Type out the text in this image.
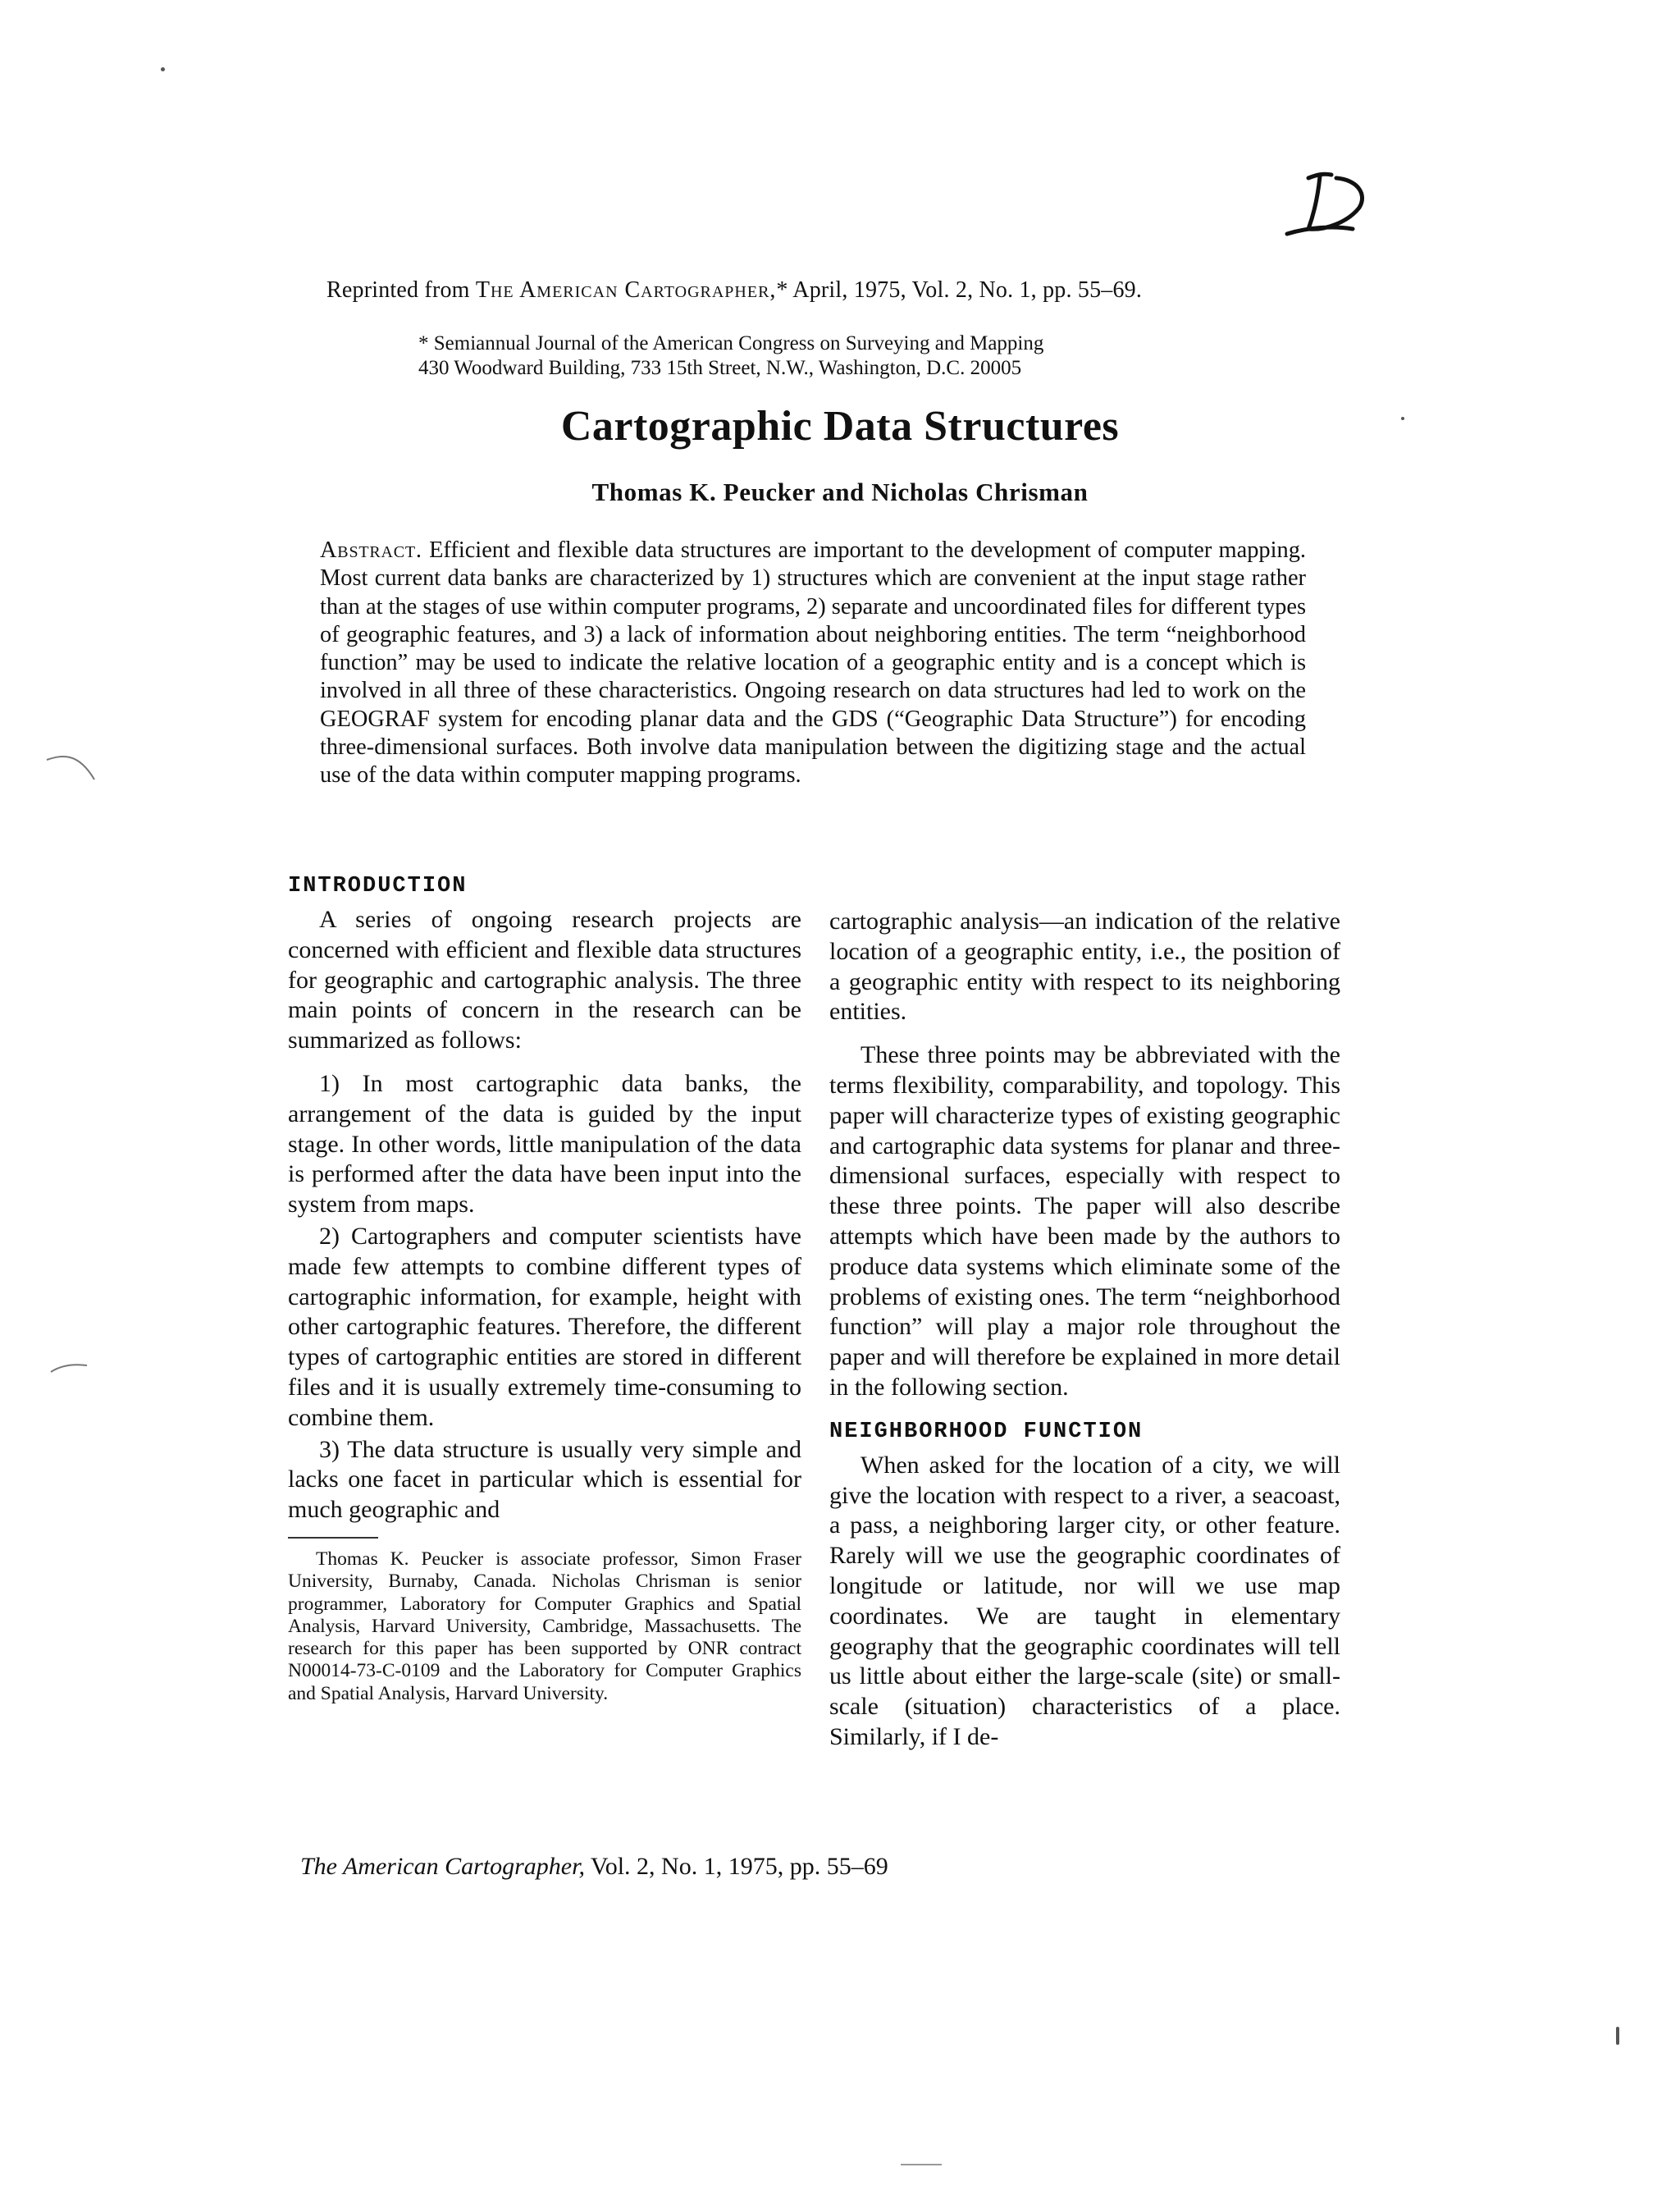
Reprinted from The American Cartographer,* April, 1975, Vol. 2, No. 1, pp. 55–69.
* Semiannual Journal of the American Congress on Surveying and Mapping
430 Woodward Building, 733 15th Street, N.W., Washington, D.C. 20005
Cartographic Data Structures
Thomas K. Peucker and Nicholas Chrisman
Abstract. Efficient and flexible data structures are important to the development of computer mapping. Most current data banks are characterized by 1) structures which are convenient at the input stage rather than at the stages of use within computer programs, 2) separate and uncoordinated files for different types of geographic features, and 3) a lack of information about neighboring entities. The term “neighborhood function” may be used to indicate the relative location of a geographic entity and is a concept which is involved in all three of these characteristics. Ongoing research on data structures had led to work on the GEOGRAF system for encoding planar data and the GDS (“Geographic Data Structure”) for encoding three-dimensional surfaces. Both involve data manipulation between the digitizing stage and the actual use of the data within computer mapping programs.
INTRODUCTION

A series of ongoing research projects are concerned with efficient and flexible data structures for geographic and cartographic analysis. The three main points of concern in the research can be summarized as follows:

1) In most cartographic data banks, the arrangement of the data is guided by the input stage. In other words, little manipulation of the data is performed after the data have been input into the system from maps.

2) Cartographers and computer scientists have made few attempts to combine different types of cartographic information, for example, height with other cartographic features. Therefore, the different types of cartographic entities are stored in different files and it is usually extremely time-consuming to combine them.

3) The data structure is usually very simple and lacks one facet in particular which is essential for much geographic and

Thomas K. Peucker is associate professor, Simon Fraser University, Burnaby, Canada. Nicholas Chrisman is senior programmer, Laboratory for Computer Graphics and Spatial Analysis, Harvard University, Cambridge, Massachusetts. The research for this paper has been supported by ONR contract N00014-73-C-0109 and the Laboratory for Computer Graphics and Spatial Analysis, Harvard University.

cartographic analysis—an indication of the relative location of a geographic entity, i.e., the position of a geographic entity with respect to its neighboring entities.

These three points may be abbreviated with the terms flexibility, comparability, and topology. This paper will characterize types of existing geographic and cartographic data systems for planar and three-dimensional surfaces, especially with respect to these three points. The paper will also describe attempts which have been made by the authors to produce data systems which eliminate some of the problems of existing ones. The term “neighborhood function” will play a major role throughout the paper and will therefore be explained in more detail in the following section.

NEIGHBORHOOD FUNCTION

When asked for the location of a city, we will give the location with respect to a river, a seacoast, a pass, a neighboring larger city, or other feature. Rarely will we use the geographic coordinates of longitude or latitude, nor will we use map coordinates. We are taught in elementary geography that the geographic coordinates will tell us little about either the large-scale (site) or small-scale (situation) characteristics of a place. Similarly, if I de-

The American Cartographer, Vol. 2, No. 1, 1975, pp. 55–69
